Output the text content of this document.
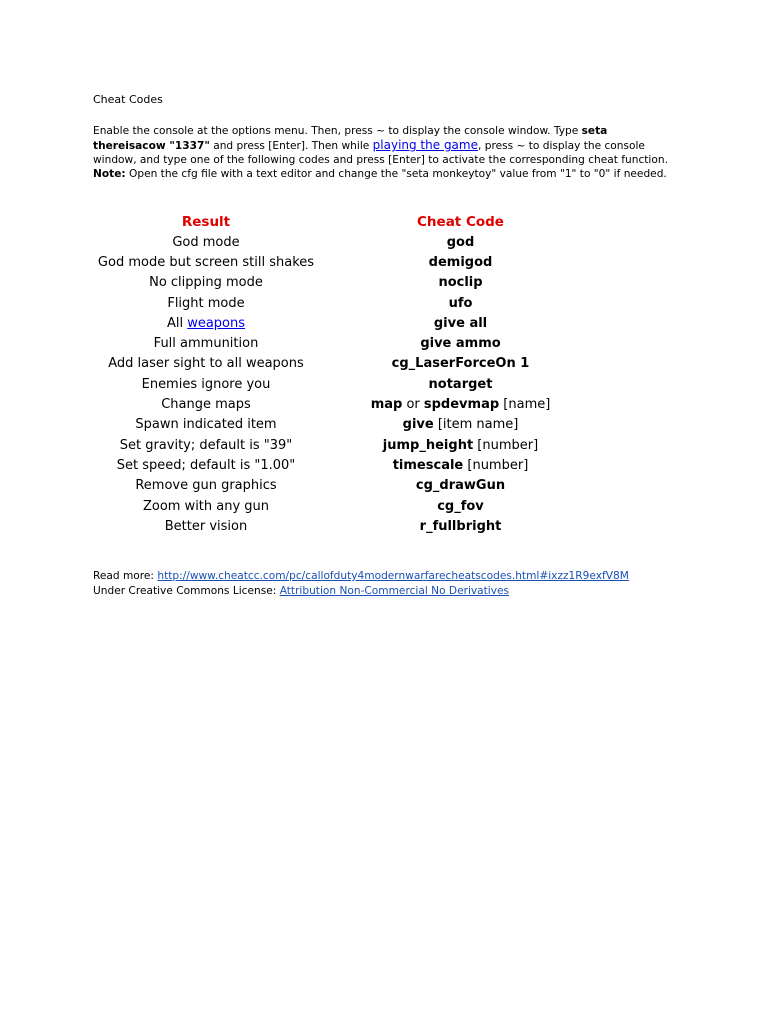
Cheat Codes
Enable the console at the options menu. Then, press ~ to display the console window. Type seta thereisacow "1337" and press [Enter]. Then while playing the game, press ~ to display the console window, and type one of the following codes and press [Enter] to activate the corresponding cheat function. Note: Open the cfg file with a text editor and change the "seta monkeytoy" value from "1" to "0" if needed.
Result	Cheat Code
God mode	god
God mode but screen still shakes	demigod
No clipping mode	noclip
Flight mode	ufo
All weapons	give all
Full ammunition	give ammo
Add laser sight to all weapons	cg_LaserForceOn 1
Enemies ignore you	notarget
Change maps	map or spdevmap [name]
Spawn indicated item	give [item name]
Set gravity; default is "39"	jump_height [number]
Set speed; default is "1.00"	timescale [number]
Remove gun graphics	cg_drawGun
Zoom with any gun	cg_fov
Better vision	r_fullbright
Read more: http://www.cheatcc.com/pc/callofduty4modernwarfarecheatscodes.html#ixzz1R9exfV8M
Under Creative Commons License: Attribution Non-Commercial No Derivatives
